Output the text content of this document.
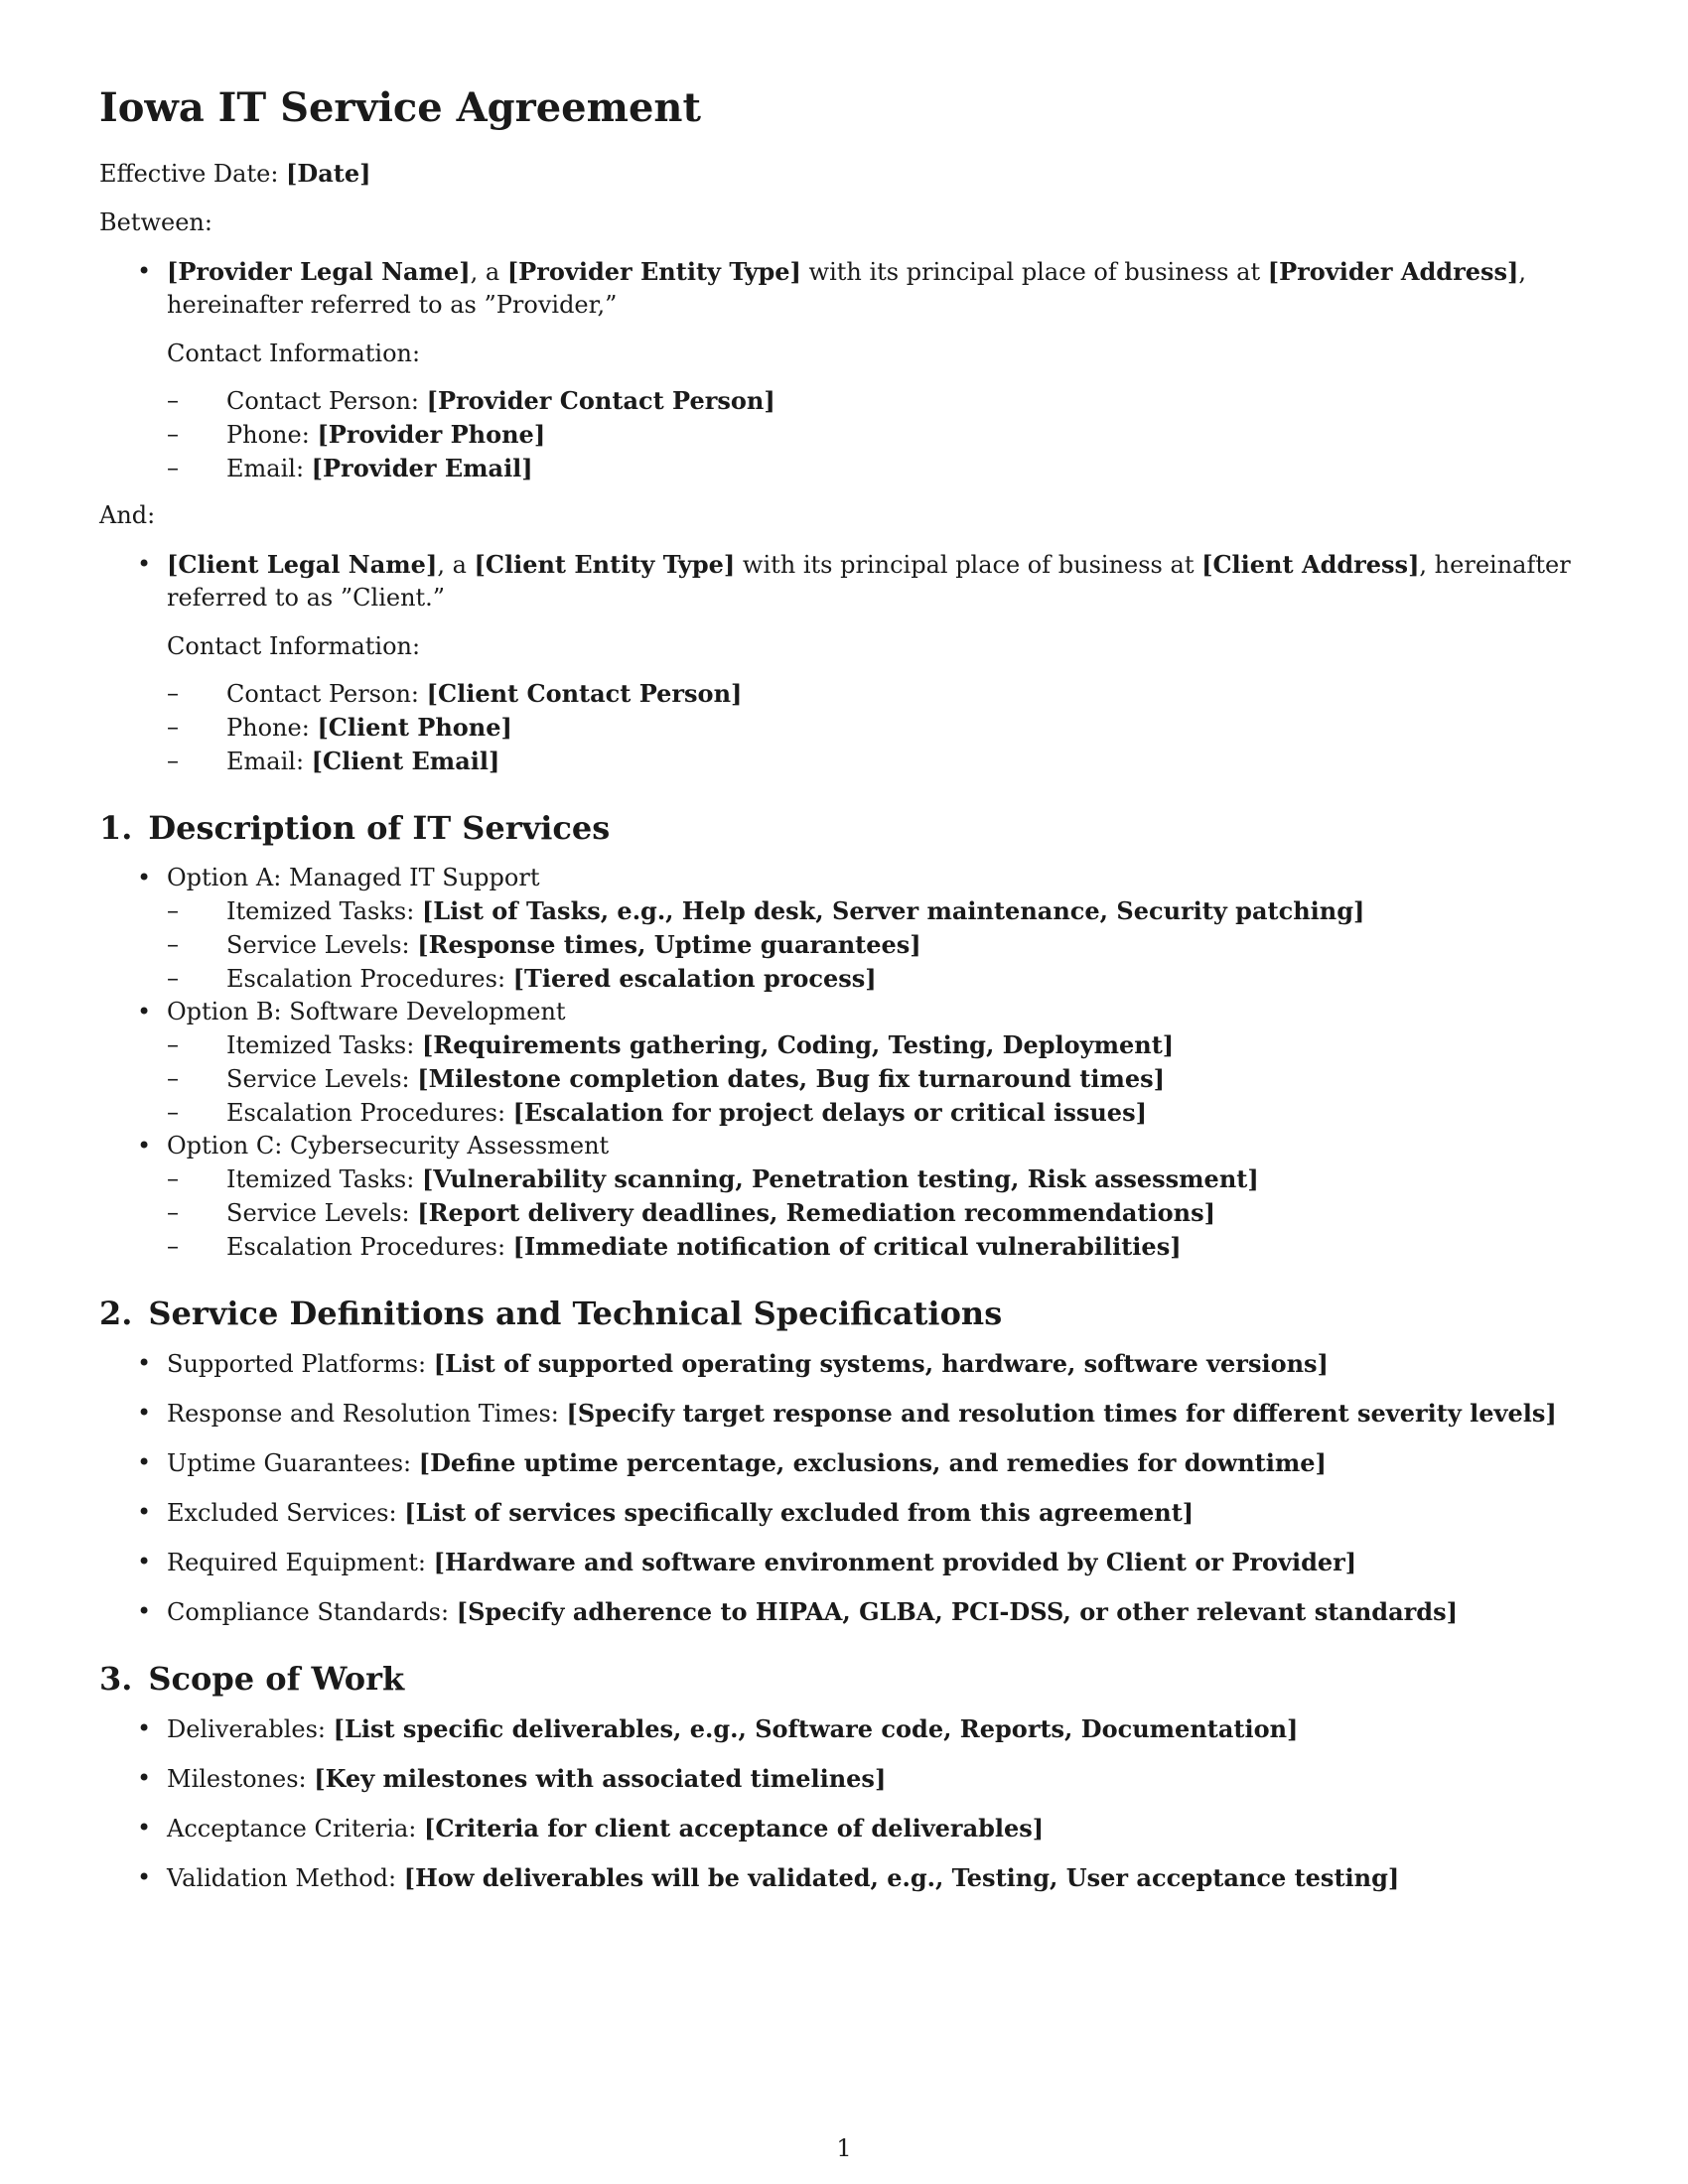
Iowa IT Service Agreement

Effective Date: [Date]

Between:

• [Provider Legal Name], a [Provider Entity Type] with its principal place of business at [Provider Address], hereinafter referred to as ”Provider,”
Contact Information:
– Contact Person: [Provider Contact Person]
– Phone: [Provider Phone]
– Email: [Provider Email]

And:

• [Client Legal Name], a [Client Entity Type] with its principal place of business at [Client Address], hereinafter referred to as ”Client.”
Contact Information:
– Contact Person: [Client Contact Person]
– Phone: [Client Phone]
– Email: [Client Email]
1. Description of IT Services
• Option A: Managed IT Support
– Itemized Tasks: [List of Tasks, e.g., Help desk, Server maintenance, Security patching]
– Service Levels: [Response times, Uptime guarantees]
– Escalation Procedures: [Tiered escalation process]
• Option B: Software Development
– Itemized Tasks: [Requirements gathering, Coding, Testing, Deployment]
– Service Levels: [Milestone completion dates, Bug fix turnaround times]
– Escalation Procedures: [Escalation for project delays or critical issues]
• Option C: Cybersecurity Assessment
– Itemized Tasks: [Vulnerability scanning, Penetration testing, Risk assessment]
– Service Levels: [Report delivery deadlines, Remediation recommendations]
– Escalation Procedures: [Immediate notification of critical vulnerabilities]
2. Service Definitions and Technical Specifications
• Supported Platforms: [List of supported operating systems, hardware, software versions]
• Response and Resolution Times: [Specify target response and resolution times for different severity levels]
• Uptime Guarantees: [Define uptime percentage, exclusions, and remedies for downtime]
• Excluded Services: [List of services specifically excluded from this agreement]
• Required Equipment: [Hardware and software environment provided by Client or Provider]
• Compliance Standards: [Specify adherence to HIPAA, GLBA, PCI-DSS, or other relevant standards]
3. Scope of Work
• Deliverables: [List specific deliverables, e.g., Software code, Reports, Documentation]
• Milestones: [Key milestones with associated timelines]
• Acceptance Criteria: [Criteria for client acceptance of deliverables]
• Validation Method: [How deliverables will be validated, e.g., Testing, User acceptance testing]
1
